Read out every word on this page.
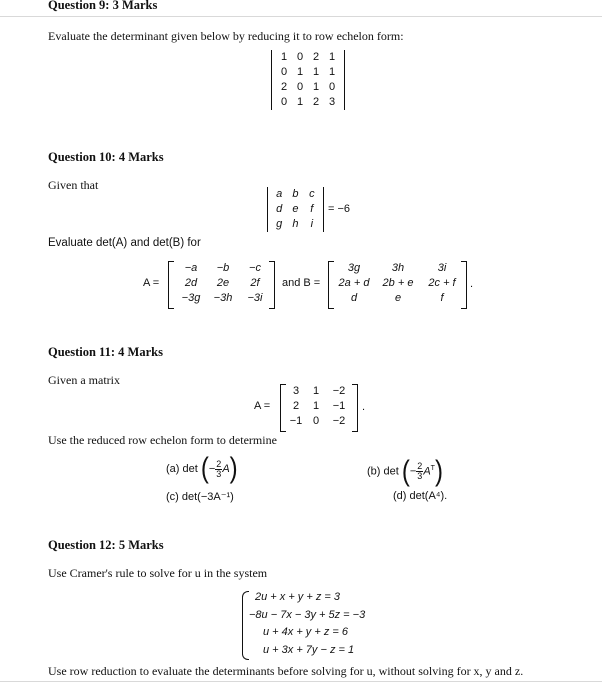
Question 9: 3 Marks
Evaluate the determinant given below by reducing it to row echelon form:
1 0 2 1
0 1 1 1
2 0 1 0
0 1 2 3
Question 10: 4 Marks
Given that
a b c
d e	f
g h	i
= −6
Evaluate det(A) and det(B) for
A =
−a	−b	−c
2d	2e	2f
−3g	−3h	−3i
and B =
3g	3h	3i
2a + d	2b + e	2c + f
d	e	f
.
Question 11: 4 Marks
Given a matrix
A =
3	1	−2
2	1	−1
−1 0	−2
.
Use the reduced row echelon form to determine
(a) det (− $\frac{2}{3} A$)	(b) det (− $\frac{2}{3} A^T$)
(c) det(−3A⁻¹)	(d) det(A⁴).
Question 12: 5 Marks
Use Cramer's rule to solve for u in the system
2u + x + y + z = 3
−8u − 7x − 3y + 5z = −3
u + 4x + y + z = 6
u + 3x + 7y − z = 1
Use row reduction to evaluate the determinants before solving for u, without solving for x, y and z.
